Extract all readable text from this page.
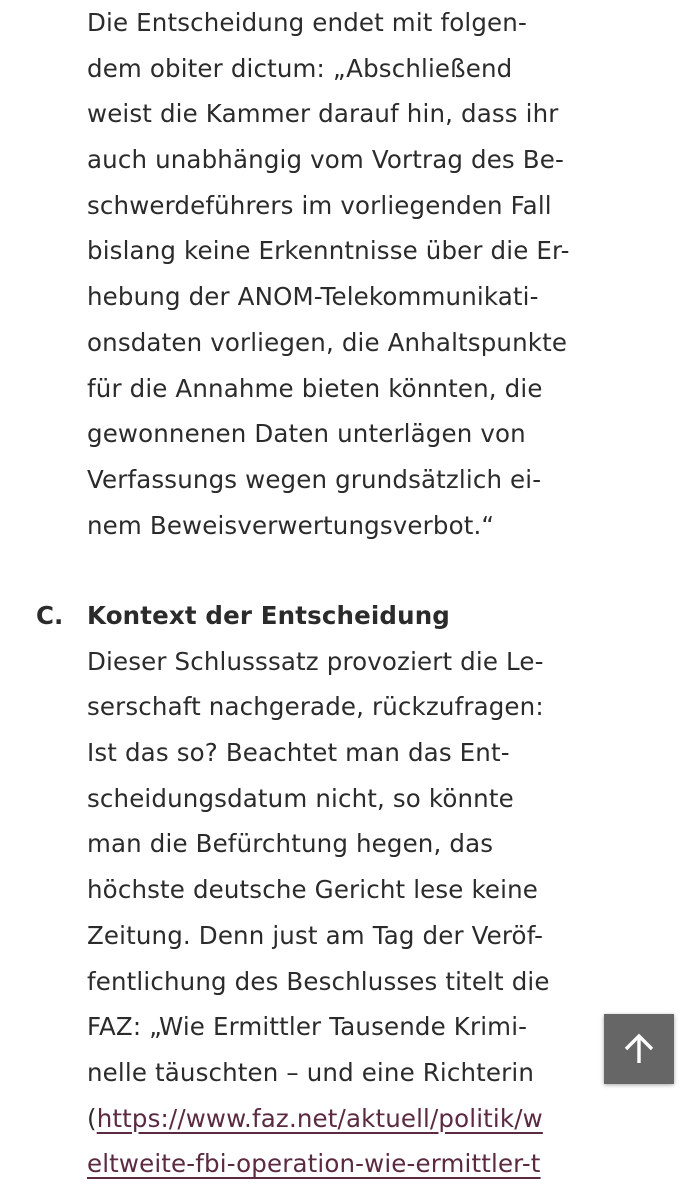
Die Entscheidung endet mit folgen-
dem obiter dictum: „Abschließend
weist die Kammer darauf hin, dass ihr
auch unabhängig vom Vortrag des Be-
schwerdeführers im vorliegenden Fall
bislang keine Erkenntnisse über die Er-
hebung der ANOM-Telekommunikati-
onsdaten vorliegen, die Anhaltspunkte
für die Annahme bieten könnten, die
gewonnenen Daten unterlägen von
Verfassungs wegen grundsätzlich ei-
nem Beweisverwertungsverbot.“
C. Kontext der Entscheidung
Dieser Schlusssatz provoziert die Le-
serschaft nachgerade, rückzufragen:
Ist das so? Beachtet man das Ent-
scheidungsdatum nicht, so könnte
man die Befürchtung hegen, das
höchste deutsche Gericht lese keine
Zeitung. Denn just am Tag der Veröf-
fentlichung des Beschlusses titelt die
FAZ: „Wie Ermittler Tausende Krimi-
nelle täuschten – und eine Richterin
(https://www.faz.net/aktuell/politik/w
eltweite-fbi-operation-wie-ermittler-t
